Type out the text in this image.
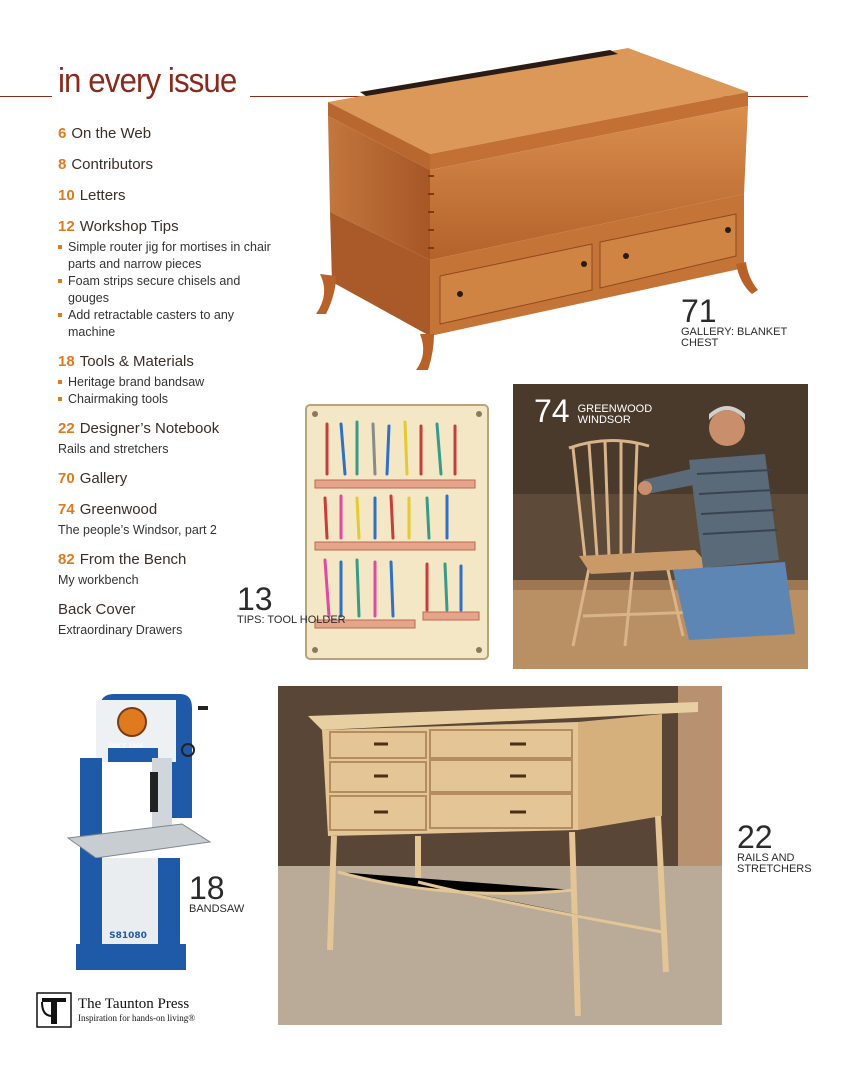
in every issue
6 On the Web
8 Contributors
10 Letters
12 Workshop Tips
Simple router jig for mortises in chair parts and narrow pieces
Foam strips secure chisels and gouges
Add retractable casters to any machine
18 Tools & Materials
Heritage brand bandsaw
Chairmaking tools
22 Designer’s Notebook
Rails and stretchers
70 Gallery
74 Greenwood
The people’s Windsor, part 2
82 From the Bench
My workbench
Back Cover
Extraordinary Drawers
71
GALLERY: BLANKET CHEST
13
TIPS: TOOL HOLDER
74 GREENWOOD WINDSOR
SINCE 1966
S81080
18
BANDSAW
22
RAILS AND STRETCHERS
The Taunton Press
Inspiration for hands-on living®
